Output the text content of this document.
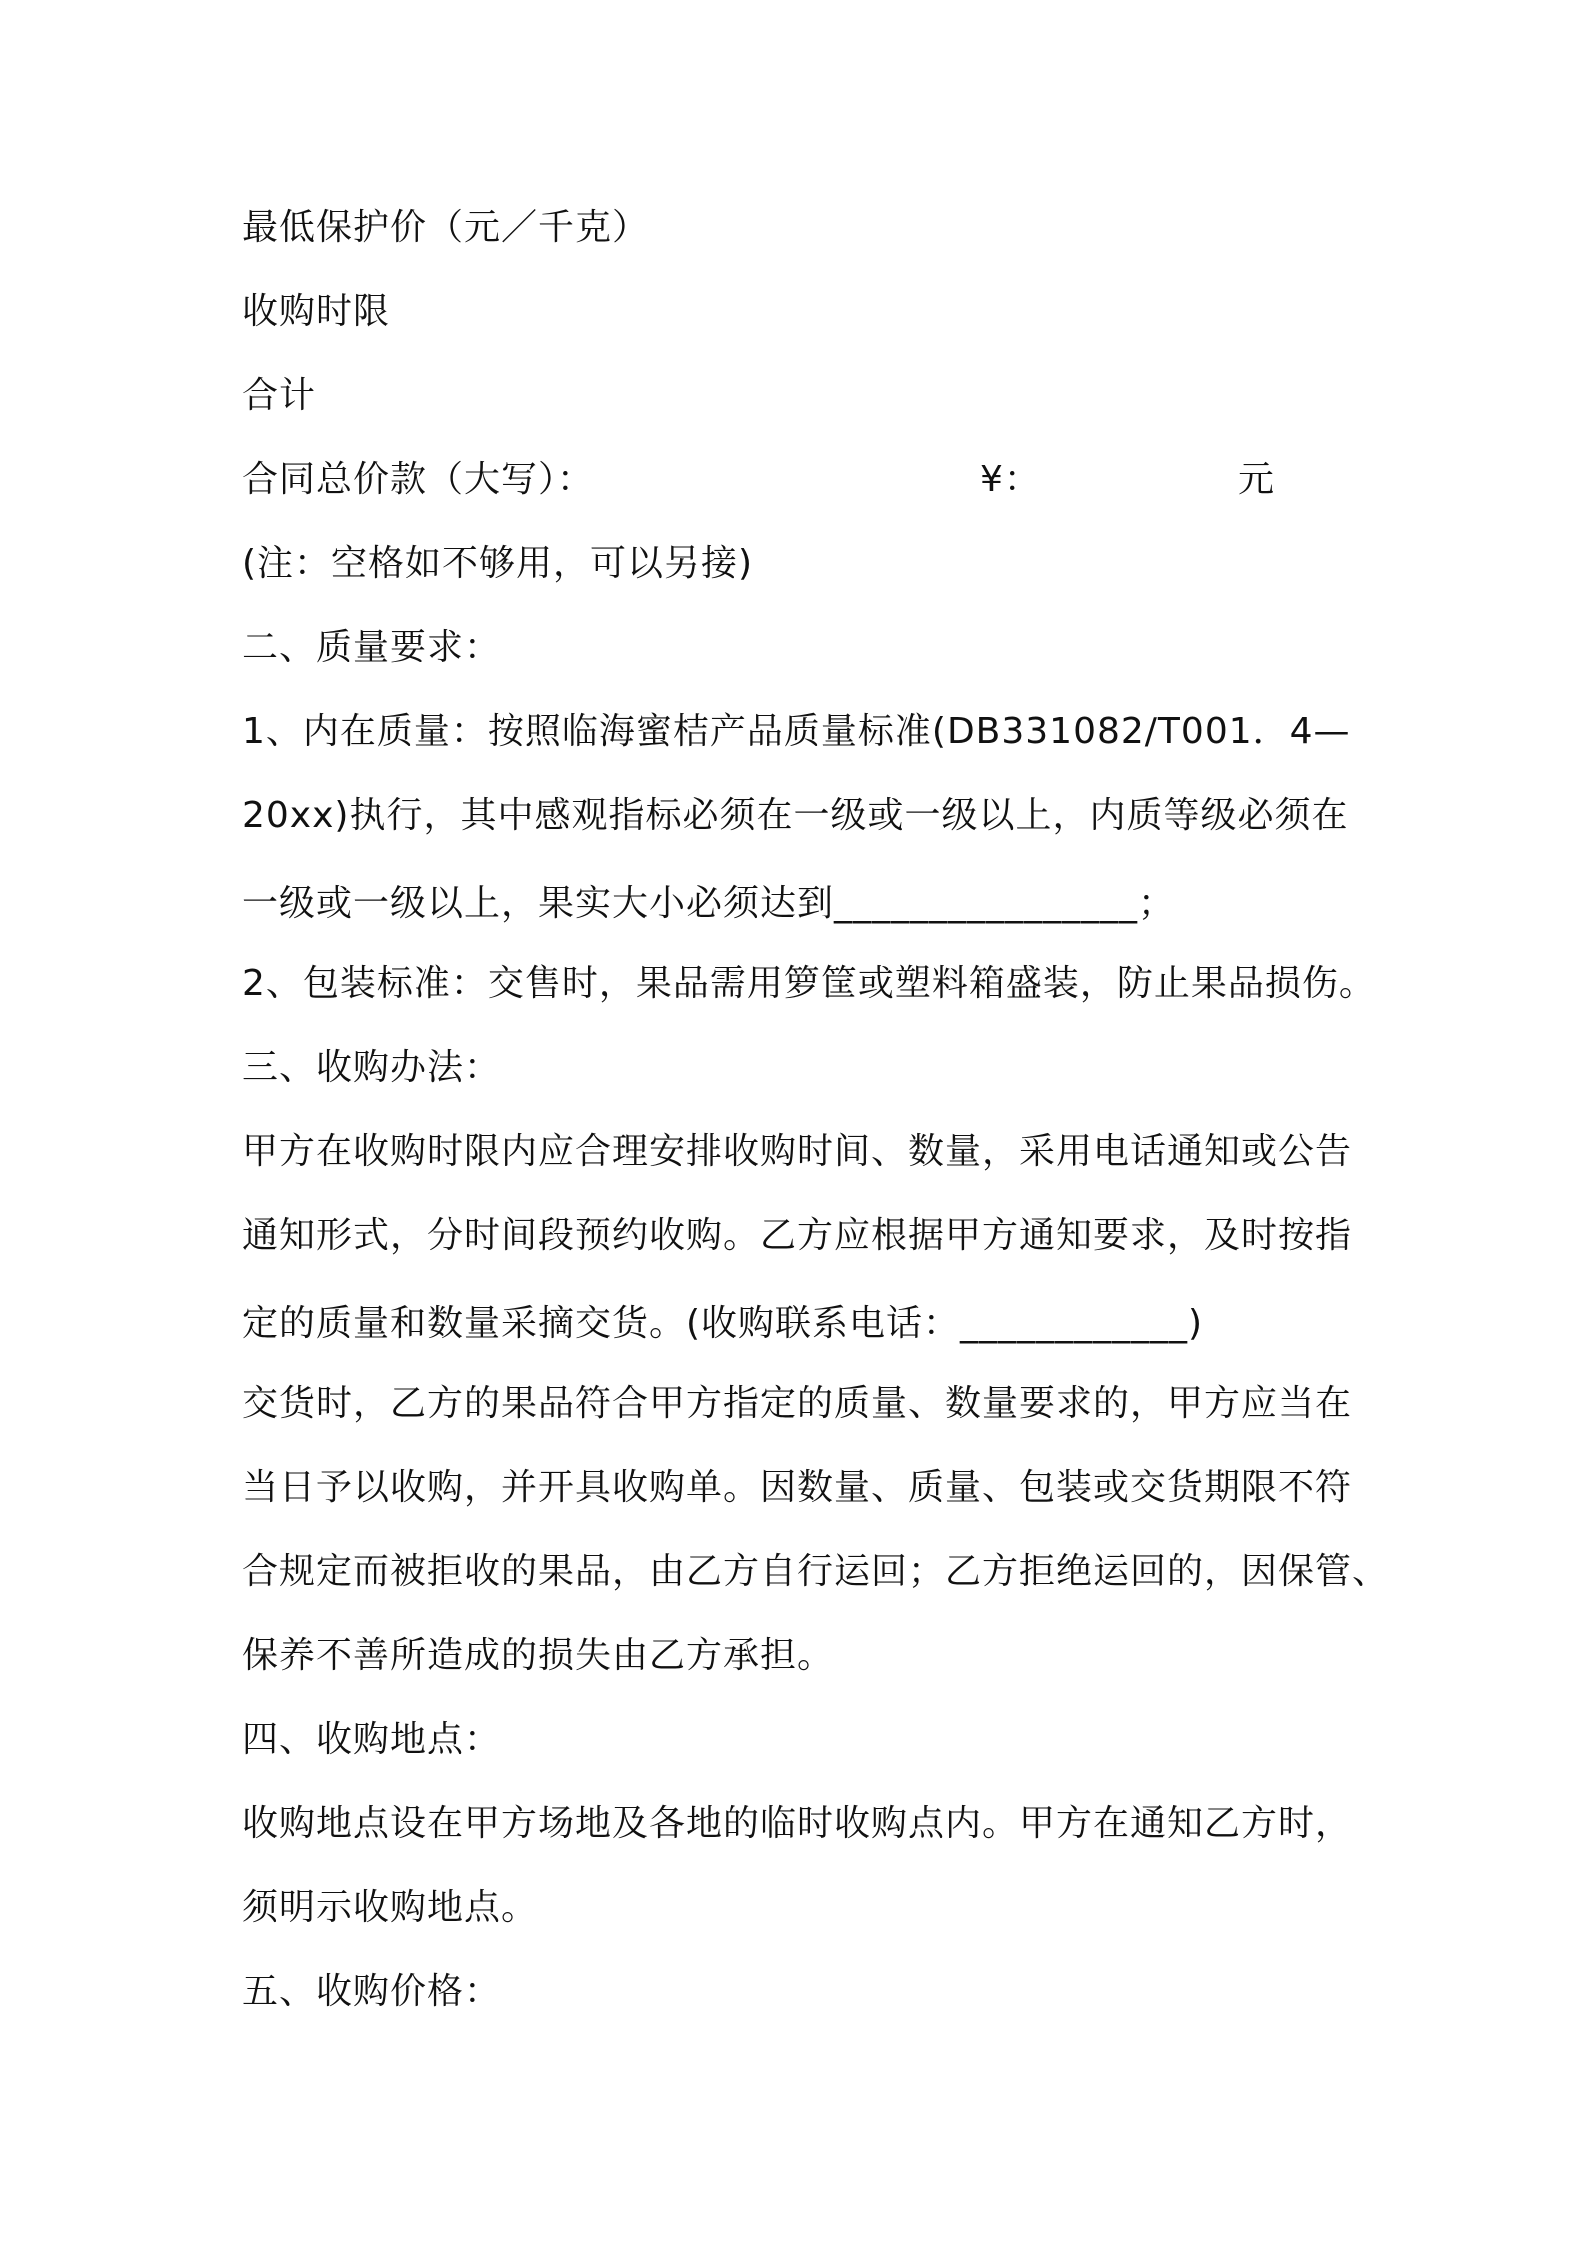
最低保护价（元／千克）
收购时限
合计
合同总价款（大写）：	¥：	元
(注：空格如不够用，可以另接)
二、质量要求：
1、内在质量：按照临海蜜桔产品质量标准(DB331082/T001．4—
20xx)执行，其中感观指标必须在一级或一级以上，内质等级必须在
一级或一级以上，果实大小必须达到________________；
2、包装标准：交售时，果品需用箩筐或塑料箱盛装，防止果品损伤。
三、收购办法：
甲方在收购时限内应合理安排收购时间、数量，采用电话通知或公告
通知形式，分时间段预约收购。乙方应根据甲方通知要求，及时按指
定的质量和数量采摘交货。(收购联系电话：____________)
交货时，乙方的果品符合甲方指定的质量、数量要求的，甲方应当在
当日予以收购，并开具收购单。因数量、质量、包装或交货期限不符
合规定而被拒收的果品，由乙方自行运回；乙方拒绝运回的，因保管、
保养不善所造成的损失由乙方承担。
四、收购地点：
收购地点设在甲方场地及各地的临时收购点内。甲方在通知乙方时，
须明示收购地点。
五、收购价格：
